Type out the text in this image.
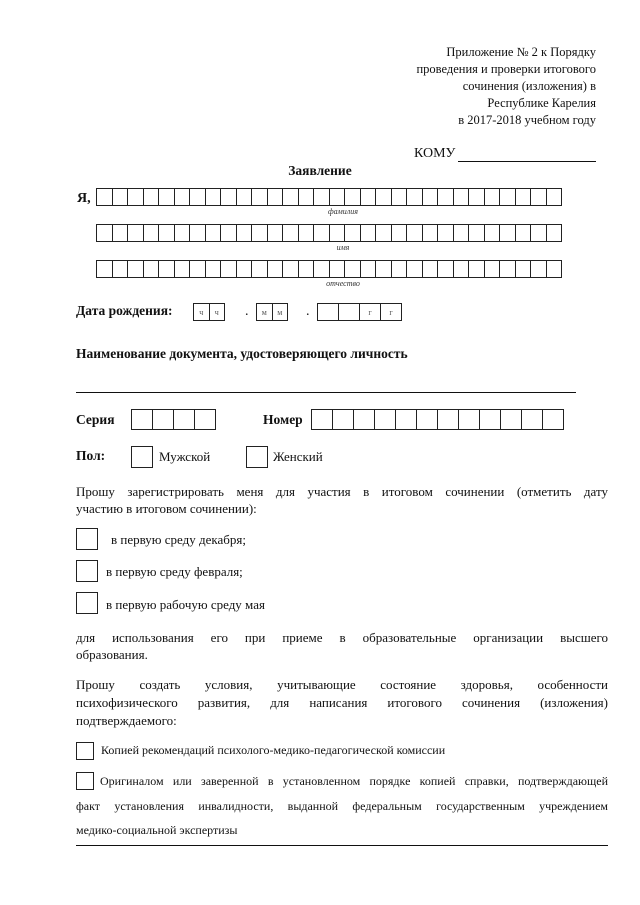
Приложение № 2 к Порядку
проведения и проверки итогового
сочинения (изложения) в
Республике Карелия
в 2017-2018 учебном году
КОМУ
Заявление
Я,
фамилия
имя
отчество
Дата рождения:	ч	ч	.	м	м	.	г	г
Наименование документа, удостоверяющего личность
Серия	Номер
Пол:	Мужской	Женский
Прошу зарегистрировать меня для участия в итоговом сочинении (отметить дату
участию в итоговом сочинении):
в первую среду декабря;
в первую среду февраля;
в первую рабочую среду мая
для использования его при приеме в образовательные организации высшего
образования.
Прошу создать условия, учитывающие состояние здоровья, особенности
психофизического развития, для написания итогового сочинения (изложения)
подтверждаемого:
Копией рекомендаций психолого-медико-педагогической комиссии
Оригиналом или заверенной в установленном порядке копией справки, подтверждающей
факт установления инвалидности, выданной федеральным государственным учреждением
медико-социальной экспертизы
